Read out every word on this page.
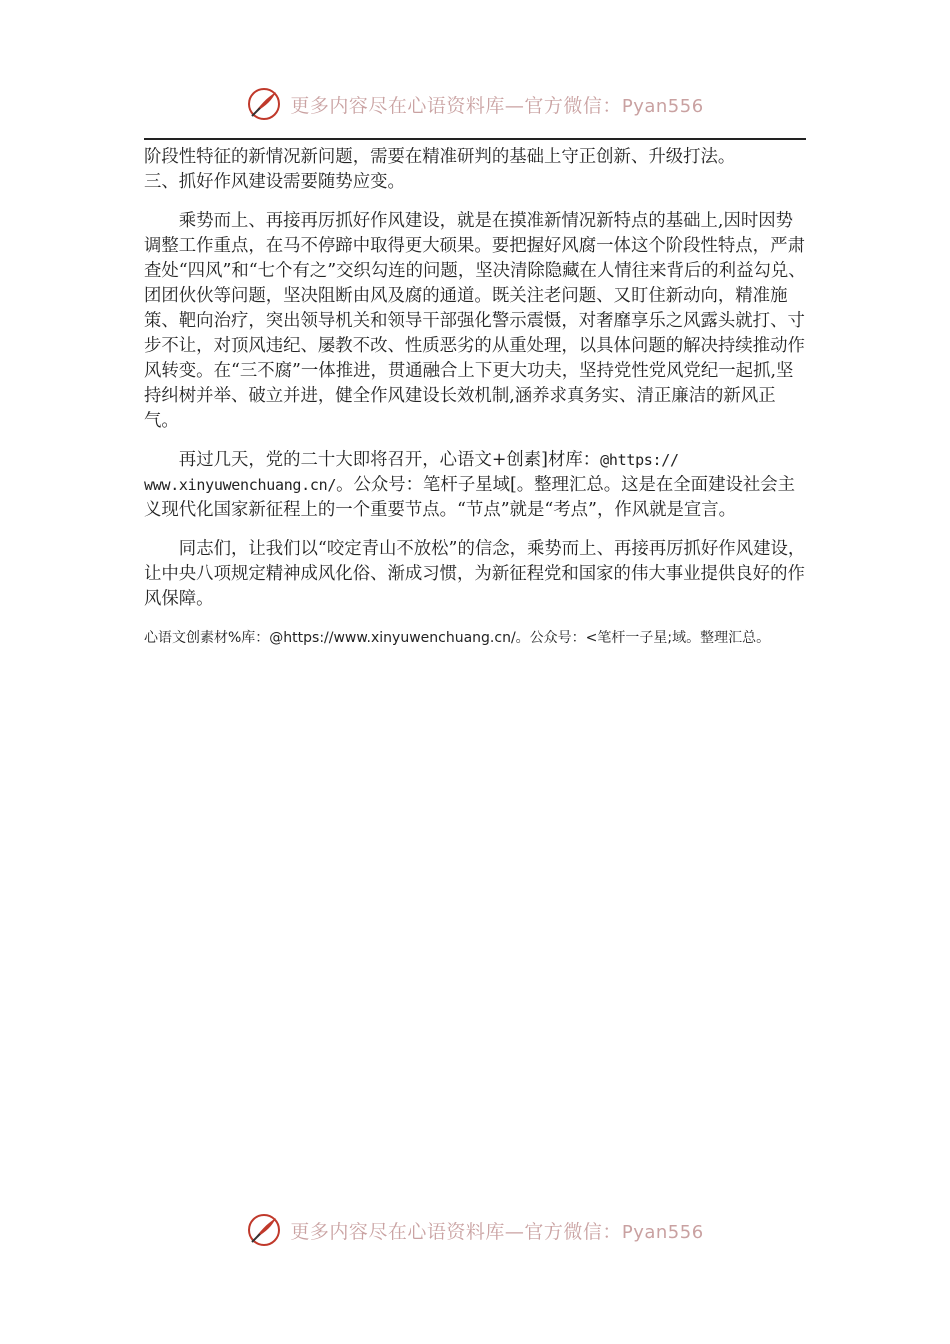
更多内容尽在心语资料库—官方微信：Pyan556

阶段性特征的新情况新问题，需要在精准研判的基础上守正创新、升级打法。

三、抓好作风建设需要随势应变。

乘势而上、再接再厉抓好作风建设，就是在摸准新情况新特点的基础上,因时因势调整工作重点，在马不停蹄中取得更大硕果。要把握好风腐一体这个阶段性特点，严肃查处“四风”和“七个有之”交织勾连的问题，坚决清除隐藏在人情往来背后的利益勾兑、团团伙伙等问题，坚决阻断由风及腐的通道。既关注老问题、又盯住新动向，精准施策、靶向治疗，突出领导机关和领导干部强化警示震慑，对奢靡享乐之风露头就打、寸步不让，对顶风违纪、屡教不改、性质恶劣的从重处理，以具体问题的解决持续推动作风转变。在“三不腐”一体推进，贯通融合上下更大功夫，坚持党性党风党纪一起抓,坚持纠树并举、破立并进，健全作风建设长效机制,涵养求真务实、清正廉洁的新风正气。

再过几天，党的二十大即将召开，心语文+创素]材库：@https://
www.xinyuwenchuang.cn/。公众号：笔杆子星域[。整理汇总。这是在全面建设社会主义现代化国家新征程上的一个重要节点。“节点”就是“考点”，作风就是宣言。

同志们，让我们以“咬定青山不放松”的信念，乘势而上、再接再厉抓好作风建设，让中央八项规定精神成风化俗、渐成习惯，为新征程党和国家的伟大事业提供良好的作风保障。

心语文创素材%库：@https://www.xinyuwenchuang.cn/。公众号：<笔杆一子星;域。整理汇总。

更多内容尽在心语资料库—官方微信：Pyan556
